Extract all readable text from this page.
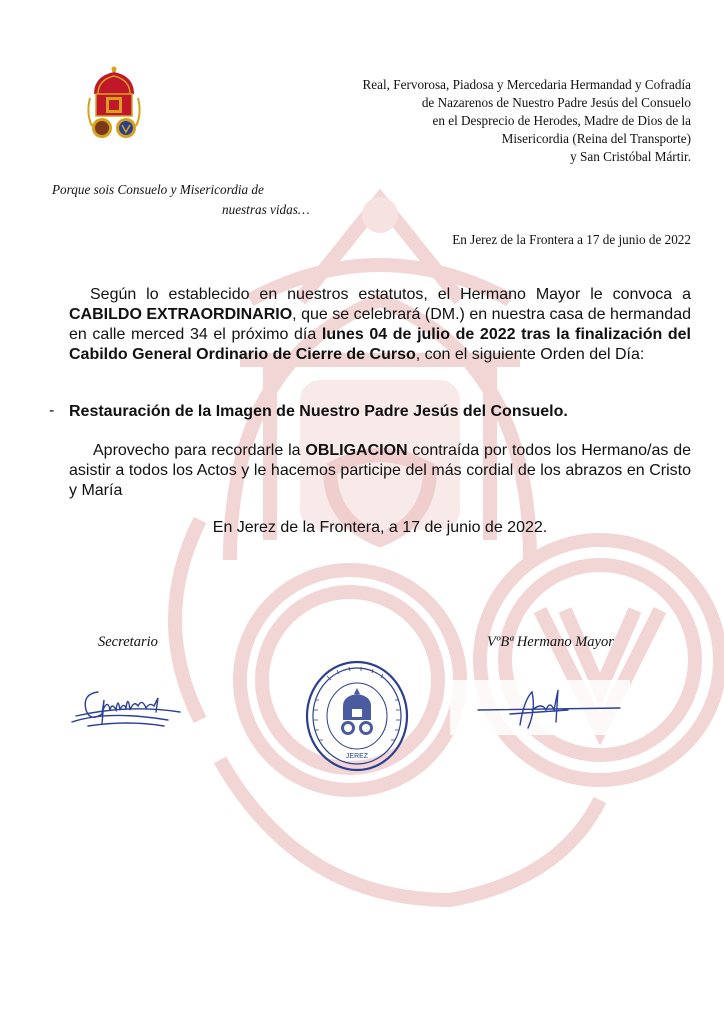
Real, Fervorosa, Piadosa y Mercedaria Hermandad y Cofradía
de Nazarenos de Nuestro Padre Jesús del Consuelo
en el Desprecio de Herodes, Madre de Dios de la
Misericordia (Reina del Transporte)
y San Cristóbal Mártir.
Porque sois Consuelo y Misericordia de
nuestras vidas…
En Jerez de la Frontera a 17 de junio de 2022
Según lo establecido en nuestros estatutos, el Hermano Mayor le convoca a CABILDO EXTRAORDINARIO, que se celebrará (DM.) en nuestra casa de hermandad en calle merced 34 el próximo día lunes 04 de julio de 2022 tras la finalización del Cabildo General Ordinario de Cierre de Curso, con el siguiente Orden del Día:
- Restauración de la Imagen de Nuestro Padre Jesús del Consuelo.
Aprovecho para recordarle la OBLIGACION contraída por todos los Hermano/as de asistir a todos los Actos y le hacemos participe del más cordial de los abrazos en Cristo y María
En Jerez de la Frontera, a 17 de junio de 2022.
Secretario	VºBª Hermano Mayor
JEREZ
